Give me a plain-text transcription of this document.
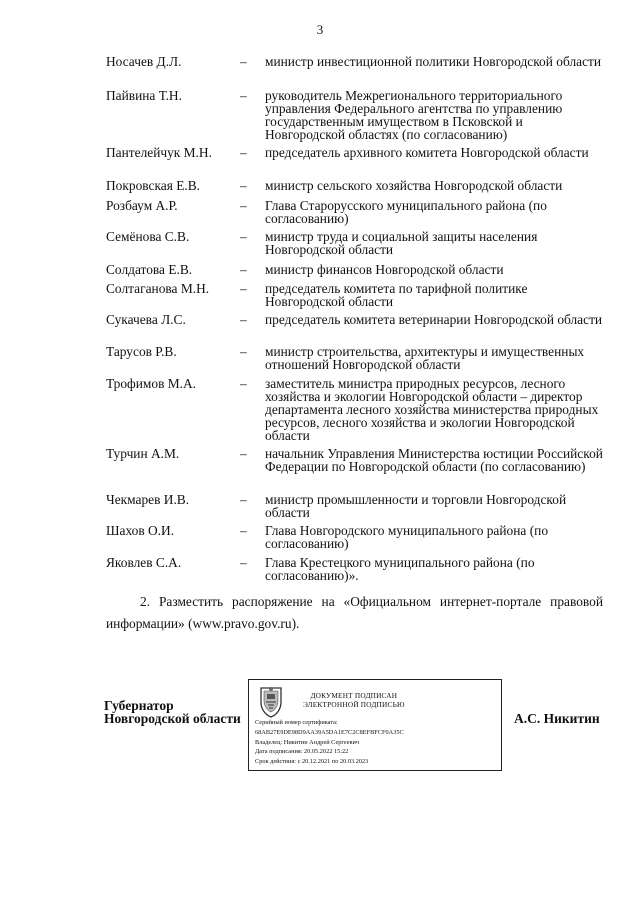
3
Носачев Д.Л.	– министр инвестиционной политики Новгородской области
Пайвина Т.Н.	– руководитель Межрегионального территориального управления Федерального агентства по управлению государственным имуществом в Псковской и Новгородской областях (по согласованию)
Пантелейчук М.Н. – председатель архивного комитета Новгородской области
Покровская Е.В.	– министр сельского хозяйства Новгородской области
Розбаум А.Р.	– Глава Старорусского муниципального района (по согласованию)
Семёнова С.В.	– министр труда и социальной защиты населения Новгородской области
Солдатова Е.В.	– министр финансов Новгородской области
Солтаганова М.Н. – председатель комитета по тарифной политике Новгородской области
Сукачева Л.С.	– председатель комитета ветеринарии Новгородской области
Тарусов Р.В.	– министр строительства, архитектуры и имущественных отношений Новгородской области
Трофимов М.А.	– заместитель министра природных ресурсов, лесного хозяйства и экологии Новгородской области – директор департамента лесного хозяйства министерства природных ресурсов, лесного хозяйства и экологии Новгородской области
Турчин А.М.	– начальник Управления Министерства юстиции Российской Федерации по Новгородской области (по согласованию)
Чекмарев И.В.	– министр промышленности и торговли Новгородской области
Шахов О.И.	– Глава Новгородского муниципального района (по согласованию)
Яковлев С.А.	– Глава Крестецкого муниципального района (по согласованию)».
2. Разместить распоряжение на «Официальном интернет-портале правовой информации» (www.pravo.gov.ru).
Губернатор
Новгородской области
ДОКУМЕНТ ПОДПИСАН
ЭЛЕКТРОННОЙ ПОДПИСЬЮ
Серийный номер сертификата:
68AB27E9DE98D9AA39A5DA1E7C2C8EFBFCF0A35C
Владелец: Никитин Андрей Сергеевич
Дата подписания: 20.05.2022 15:22
Срок действия: с 20.12.2021 по 20.03.2023
А.С. Никитин
